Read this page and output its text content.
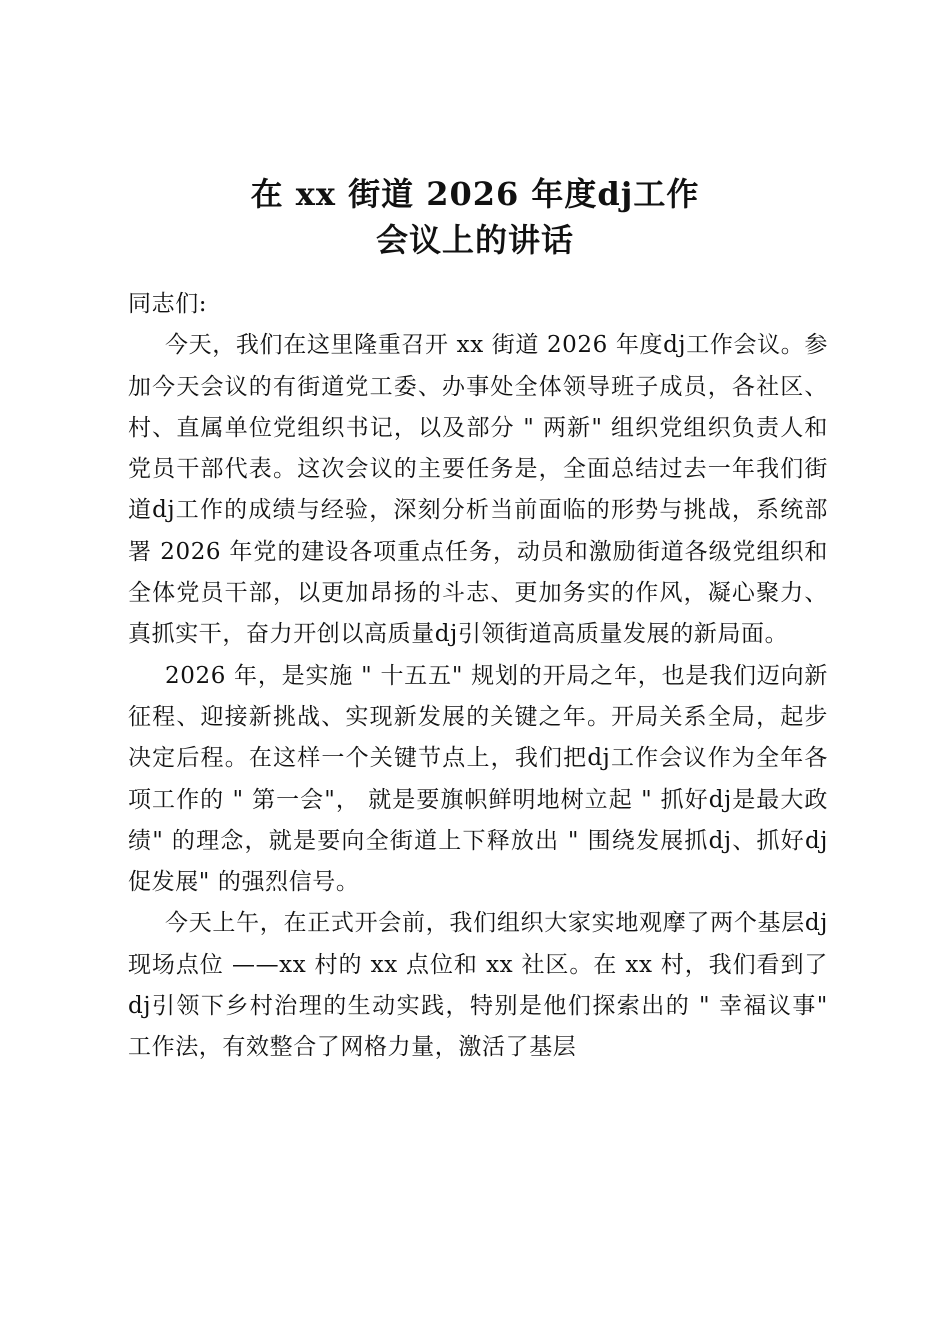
在 xx 街道 2026 年度dj工作
会议上的讲话

同志们:

今天，我们在这里隆重召开 xx 街道 2026 年度dj工作会议。参加今天会议的有街道党工委、办事处全体领导班子成员，各社区、村、直属单位党组织书记，以及部分 " 两新" 组织党组织负责人和党员干部代表。这次会议的主要任务是，全面总结过去一年我们街道dj工作的成绩与经验，深刻分析当前面临的形势与挑战，系统部署 2026 年党的建设各项重点任务，动员和激励街道各级党组织和全体党员干部，以更加昂扬的斗志、更加务实的作风，凝心聚力、真抓实干，奋力开创以高质量dj引领街道高质量发展的新局面。

2026 年，是实施 " 十五五" 规划的开局之年，也是我们迈向新征程、迎接新挑战、实现新发展的关键之年。开局关系全局，起步决定后程。在这样一个关键节点上，我们把dj工作会议作为全年各项工作的 " 第一会"， 就是要旗帜鲜明地树立起 " 抓好dj是最大政绩" 的理念，就是要向全街道上下释放出 " 围绕发展抓dj、抓好dj促发展" 的强烈信号。

今天上午，在正式开会前，我们组织大家实地观摩了两个基层dj现场点位 ——xx 村的 xx 点位和 xx 社区。在 xx 村，我们看到了dj引领下乡村治理的生动实践，特别是他们探索出的 " 幸福议事" 工作法，有效整合了网格力量，激活了基层
